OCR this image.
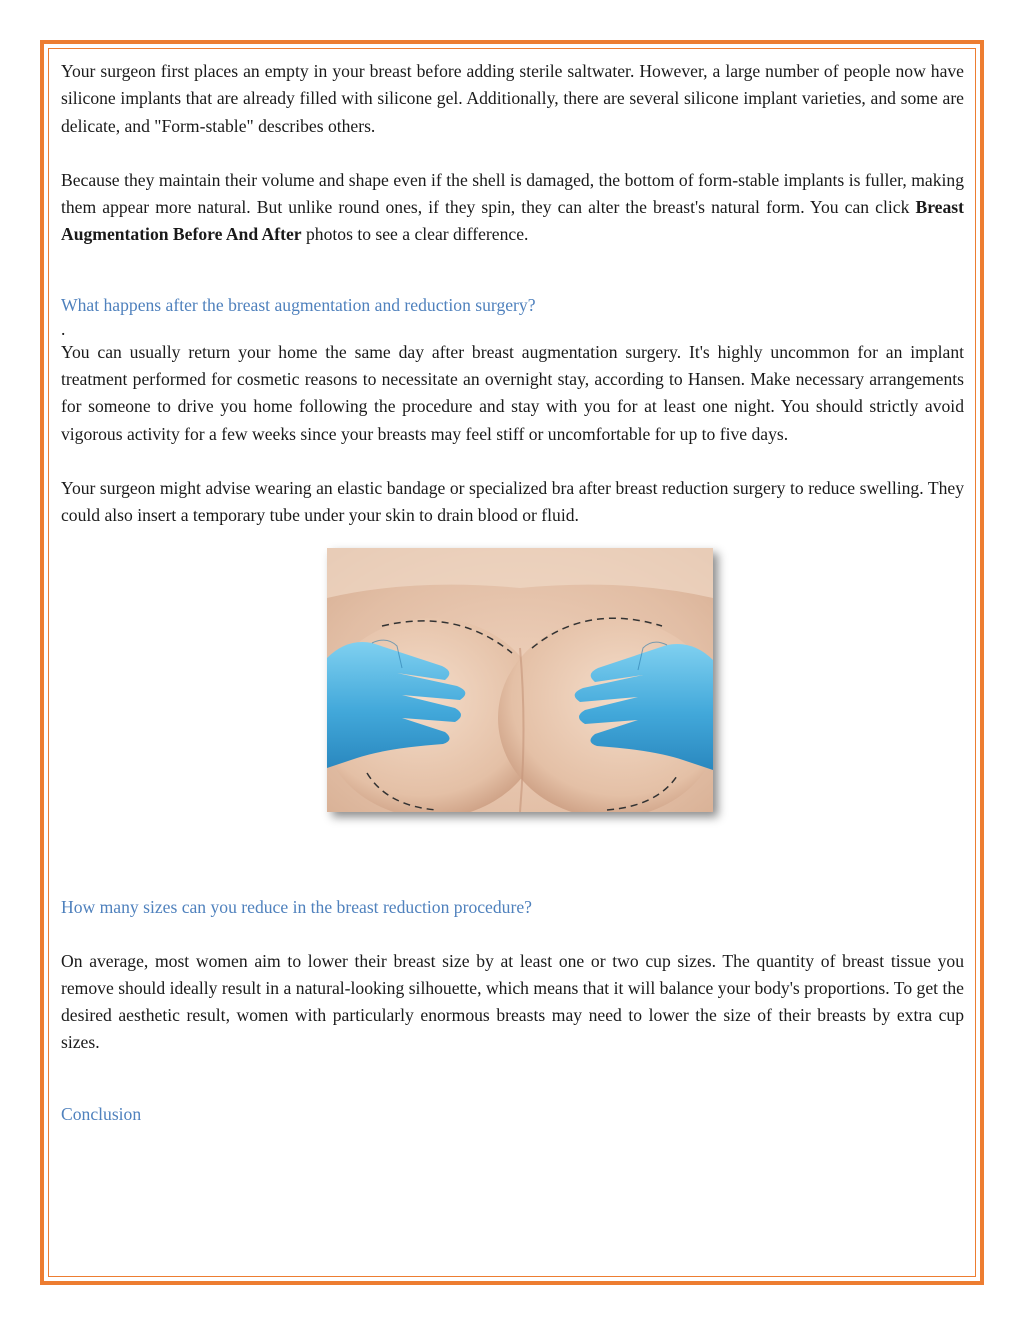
Your surgeon first places an empty in your breast before adding sterile saltwater. However, a large number of people now have silicone implants that are already filled with silicone gel. Additionally, there are several silicone implant varieties, and some are delicate, and "Form-stable" describes others.

Because they maintain their volume and shape even if the shell is damaged, the bottom of form-stable implants is fuller, making them appear more natural. But unlike round ones, if they spin, they can alter the breast's natural form. You can click Breast Augmentation Before And After photos to see a clear difference.

What happens after the breast augmentation and reduction surgery?
.

You can usually return your home the same day after breast augmentation surgery. It's highly uncommon for an implant treatment performed for cosmetic reasons to necessitate an overnight stay, according to Hansen. Make necessary arrangements for someone to drive you home following the procedure and stay with you for at least one night. You should strictly avoid vigorous activity for a few weeks since your breasts may feel stiff or uncomfortable for up to five days.

Your surgeon might advise wearing an elastic bandage or specialized bra after breast reduction surgery to reduce swelling. They could also insert a temporary tube under your skin to drain blood or fluid.

How many sizes can you reduce in the breast reduction procedure?

On average, most women aim to lower their breast size by at least one or two cup sizes. The quantity of breast tissue you remove should ideally result in a natural-looking silhouette, which means that it will balance your body's proportions. To get the desired aesthetic result, women with particularly enormous breasts may need to lower the size of their breasts by extra cup sizes.

Conclusion
